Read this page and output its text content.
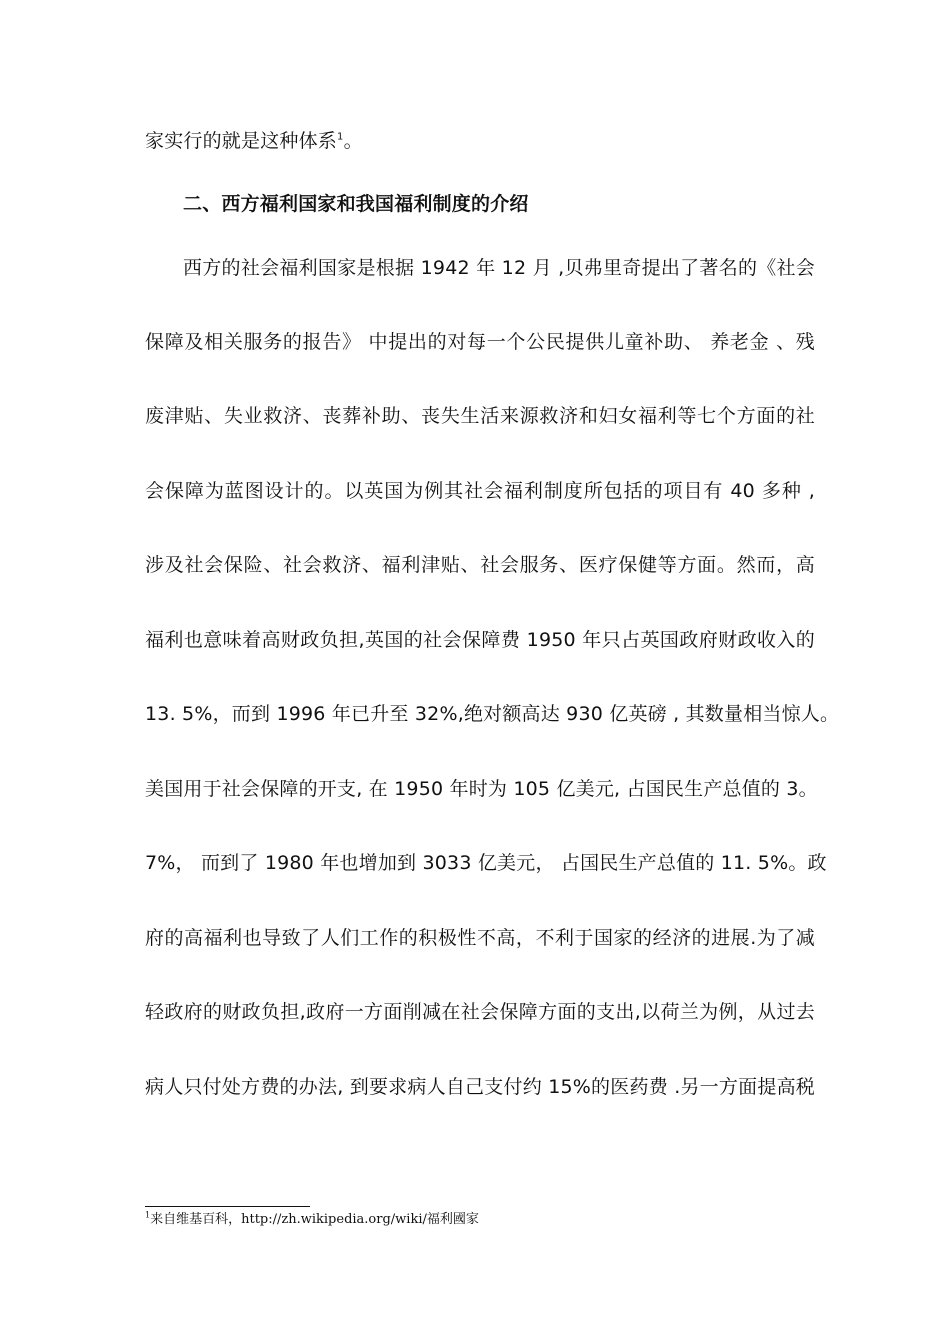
家实行的就是这种体系$^1$。
二、西方福利国家和我国福利制度的介绍
西方的社会福利国家是根据 1942 年 12 月 ,贝弗里奇提出了著名的《社会
保障及相关服务的报告》 中提出的对每一个公民提供儿童补助、 养老金 、残
废津贴、失业救济、丧葬补助、丧失生活来源救济和妇女福利等七个方面的社
会保障为蓝图设计的。以英国为例其社会福利制度所包括的项目有 40 多种 ,
涉及社会保险、社会救济、福利津贴、社会服务、医疗保健等方面。然而，高
福利也意味着高财政负担,英国的社会保障费 1950 年只占英国政府财政收入的
13. 5%，而到 1996 年已升至 32%,绝对额高达 930 亿英磅 , 其数量相当惊人。
美国用于社会保障的开支, 在 1950 年时为 105 亿美元, 占国民生产总值的 3。
7%， 而到了 1980 年也增加到 3033 亿美元， 占国民生产总值的 11. 5%。政
府的高福利也导致了人们工作的积极性不高，不利于国家的经济的进展.为了减
轻政府的财政负担,政府一方面削减在社会保障方面的支出,以荷兰为例，从过去
病人只付处方费的办法, 到要求病人自己支付约 15%的医药费 .另一方面提高税
$^1$来自维基百科，http://zh.wikipedia.org/wiki/福利國家
